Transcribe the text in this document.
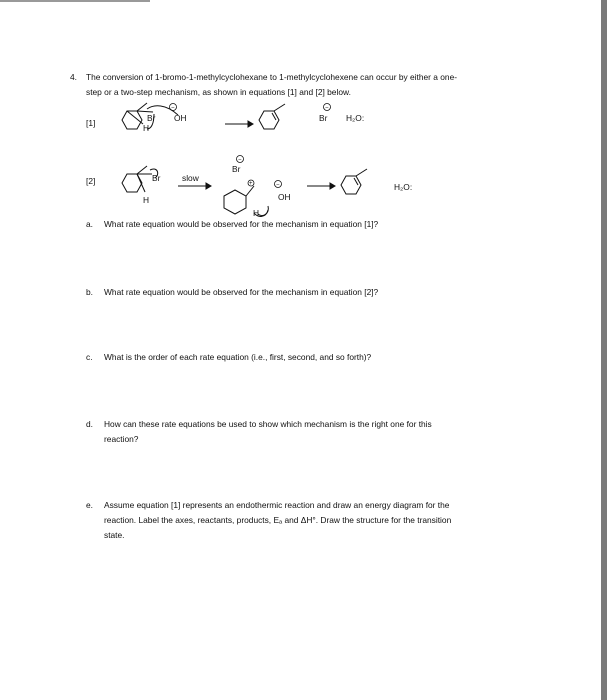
4. The conversion of 1-bromo-1-methylcyclohexane to 1-methylcyclohexene can occur by either a one-
step or a two-step mechanism, as shown in equations [1] and [2] below.
[1]
[2]
−	−
−
+	−
Br OH
H
Br H₂O:
Br	slow
H
Br
OH
H
H₂O:
a. What rate equation would be observed for the mechanism in equation [1]?
b. What rate equation would be observed for the mechanism in equation [2]?
c. What is the order of each rate equation (i.e., first, second, and so forth)?
d. How can these rate equations be used to show which mechanism is the right one for this
reaction?
e. Assume equation [1] represents an endothermic reaction and draw an energy diagram for the
reaction. Label the axes, reactants, products, Eₐ and ΔH°. Draw the structure for the transition
state.
